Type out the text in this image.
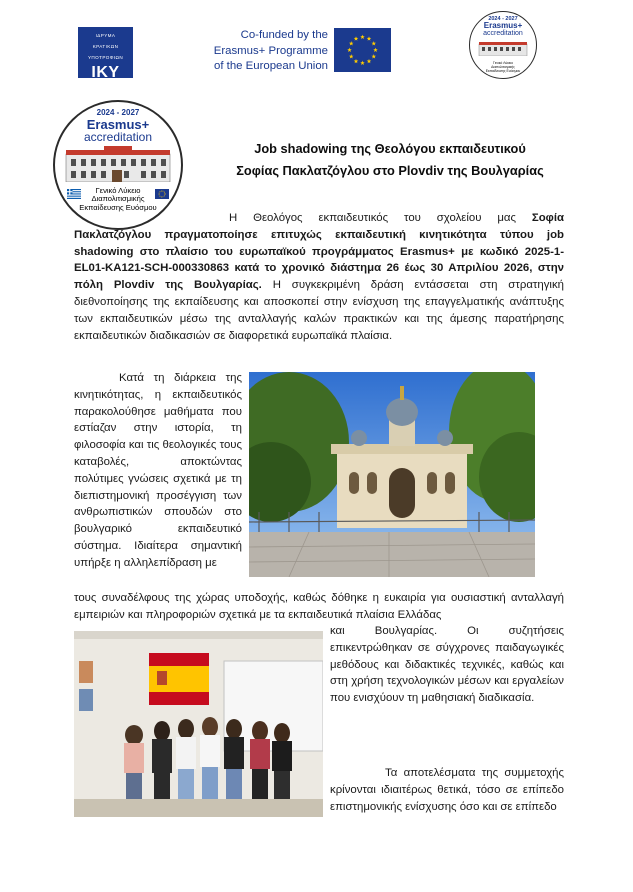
ΙΔΡΥΜΑ
ΚΡΑΤΙΚΩΝ
ΥΠΟΤΡΟΦΙΩΝ
IKY
Co-funded by the
Erasmus+ Programme
of the European Union
2024 - 2027
Erasmus+
accreditation
Γενικό Λύκειο
Διαπολιτισμικής
Εκπαίδευσης Ευόσμου
2024 - 2027
Erasmus+
accreditation
Γενικό Λύκειο
Διαπολιτισμικής
Εκπαίδευσης Ευόσμου
Job shadowing της Θεολόγου εκπαιδευτικού
Σοφίας Πακλατζόγλου στο Plovdiv της Βουλγαρίας

Η Θεολόγος εκπαιδευτικός του σχολείου μας Σοφία Πακλατζόγλου πραγματοποίησε επιτυχώς εκπαιδευτική κινητικότητα τύπου job shadowing στο πλαίσιο του ευρωπαϊκού προγράμματος Erasmus+ με κωδικό 2025-1-EL01-KA121-SCH-000330863 κατά το χρονικό διάστημα 26 έως 30 Απριλίου 2026, στην πόλη Plovdiv της Βουλγαρίας. Η συγκεκριμένη δράση εντάσσεται στη στρατηγική διεθνοποίησης της εκπαίδευσης και αποσκοπεί στην ενίσχυση της επαγγελματικής ανάπτυξης των εκπαιδευτικών μέσω της ανταλλαγής καλών πρακτικών και της άμεσης παρατήρησης εκπαιδευτικών διαδικασιών σε διαφορετικά ευρωπαϊκά πλαίσια.

Κατά τη διάρκεια της κινητικότητας, η εκπαιδευτικός παρακολούθησε μαθήματα που εστίαζαν στην ιστορία, τη φιλοσοφία και τις θεολογικές τους καταβολές, αποκτώντας πολύτιμες γνώσεις σχετικά με τη διεπιστημονική προσέγγιση των ανθρωπιστικών σπουδών στο βουλγαρικό εκπαιδευτικό σύστημα. Ιδιαίτερα σημαντική υπήρξε η αλληλεπίδραση με

τους συναδέλφους της χώρας υποδοχής, καθώς δόθηκε η ευκαιρία για ουσιαστική ανταλλαγή εμπειριών και πληροφοριών σχετικά με τα εκπαιδευτικά πλαίσια Ελλάδας

και Βουλγαρίας. Οι συζητήσεις επικεντρώθηκαν σε σύγχρονες παιδαγωγικές μεθόδους και διδακτικές τεχνικές, καθώς και στη χρήση τεχνολογικών μέσων και εργαλείων που ενισχύουν τη μαθησιακή διαδικασία.

Τα αποτελέσματα της συμμετοχής κρίνονται ιδιαιτέρως θετικά, τόσο σε επίπεδο επιστημονικής ενίσχυσης όσο και σε επίπεδο
